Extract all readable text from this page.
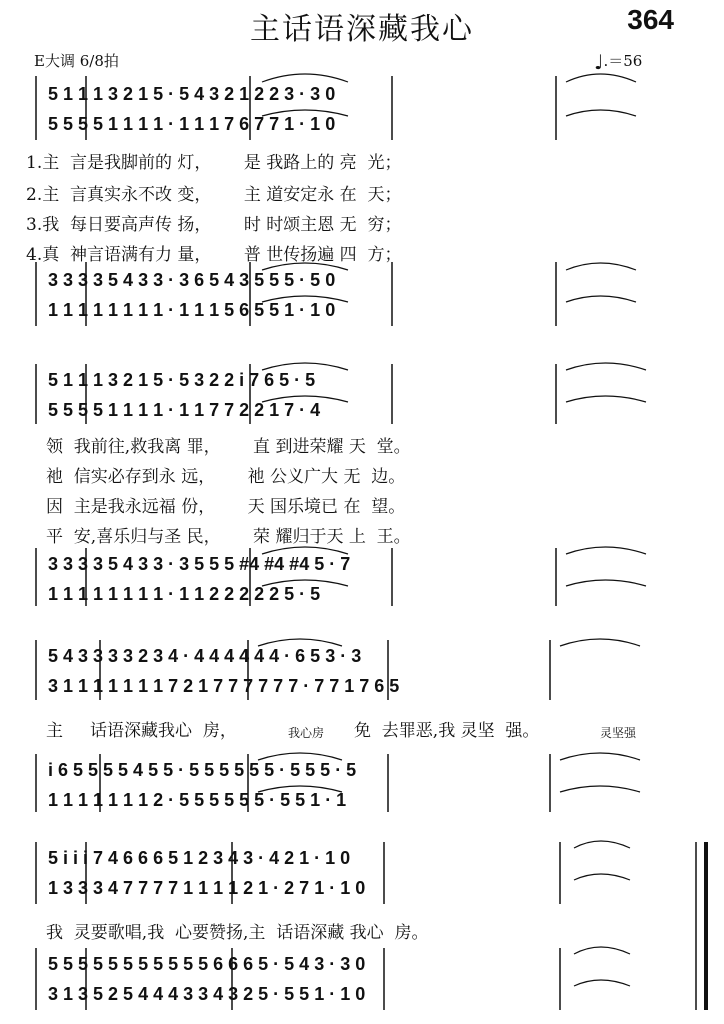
主话语深藏我心	364
E大调 6/8拍	♩.＝56
5 1 1 1 3 2 1 5 · 5 4 3 2 1 2 2 3 · 3 0
5 5 5 5 1 1 1 1 · 1 1 1 7 6 7 7 1 · 1 0
1.主  言是我脚前的 灯，      是 我路上的 亮  光；
2.主  言真实永不改 变，      主 道安定永 在  天；
3.我  每日要高声传 扬，      时 时颂主恩 无  穷；
4.真  神言语满有力 量，      普 世传扬遍 四  方；
3 3 3 3 5 4 3 3 · 3 6 5 4 3 5 5 5 · 5 0
1 1 1 1 1 1 1 1 · 1 1 1 5 6 5 5 1 · 1 0
5 1 1 1 3 2 1 5 · 5 3 2 2 i 7 6 5 · 5
5 5 5 5 1 1 1 1 · 1 1 7 7 2 2 1 7 · 4
领  我前往,救我离 罪，      直 到进荣耀 天  堂。
祂  信实必存到永 远，      祂 公义广大 无  边。
因  主是我永远福 份，      天 国乐境已 在  望。
平  安,喜乐归与圣 民，      荣 耀归于天 上  王。
3 3 3 3 5 4 3 3 · 3 5 5 5 #4 #4 #4 5 · 7
1 1 1 1 1 1 1 1 · 1 1 2 2 2 2 2 5 · 5
5 4 3 3 3 3 2 3 4 · 4 4 4 4 4 4 · 6 5 3 · 3
3 1 1 1 1 1 1 1 7 2 1 7 7 7 7 7 7 · 7 7 1 7 6 5
主     话语深藏我心  房，	我心房 免  去罪恶,我 灵坚  强。	灵坚强
i 6 5 5 5 5 4 5 5 · 5 5 5 5 5 5 · 5 5 5 · 5
1 1 1 1 1 1 1 2 · 5 5 5 5 5 5 · 5 5 1 · 1
5 i i i 7 4 6 6 6 5 1 2 3 4 3 · 4 2 1 · 1 0
1 3 3 3 4 7 7 7 7 1 1 1 1 2 1 · 2 7 1 · 1 0
我  灵要歌唱,我  心要赞扬,主  话语深藏 我心  房。
5 5 5 5 5 5 5 5 5 5 5 6 6 6 5 · 5 4 3 · 3 0
3 1 3 5 2 5 4 4 4 3 3 4 3 2 5 · 5 5 1 · 1 0
